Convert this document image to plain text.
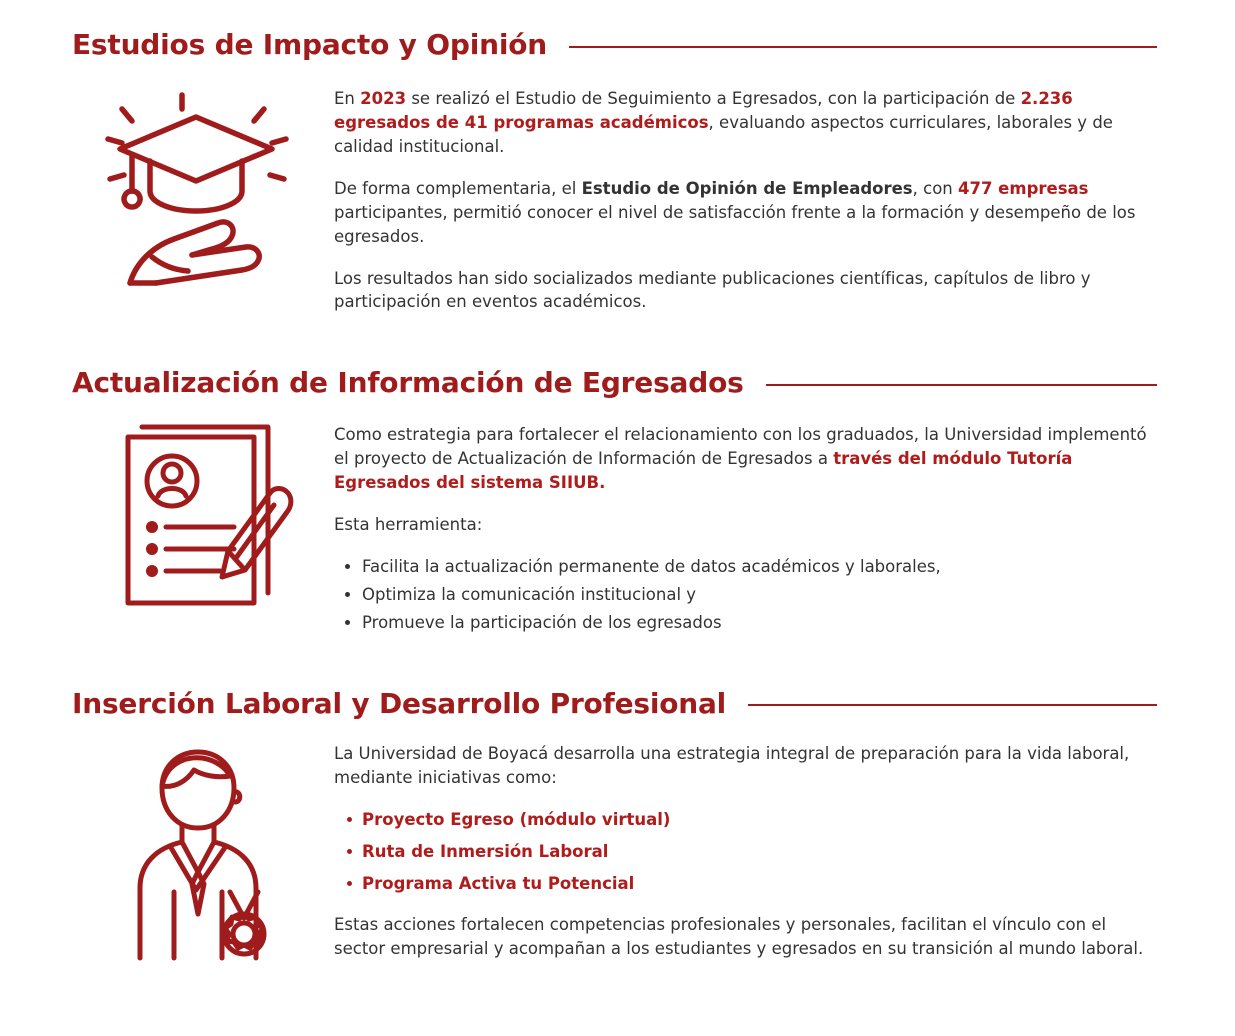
Estudios de Impacto y Opinión

En 2023 se realizó el Estudio de Seguimiento a Egresados, con la participación de 2.236 egresados de 41 programas académicos, evaluando aspectos curriculares, laborales y de calidad institucional.

De forma complementaria, el Estudio de Opinión de Empleadores, con 477 empresas participantes, permitió conocer el nivel de satisfacción frente a la formación y desempeño de los egresados.

Los resultados han sido socializados mediante publicaciones científicas, capítulos de libro y participación en eventos académicos.

Actualización de Información de Egresados

Como estrategia para fortalecer el relacionamiento con los graduados, la Universidad implementó el proyecto de Actualización de Información de Egresados a través del módulo Tutoría Egresados del sistema SIIUB.

Esta herramienta:

• Facilita la actualización permanente de datos académicos y laborales,
• Optimiza la comunicación institucional y
• Promueve la participación de los egresados

Inserción Laboral y Desarrollo Profesional

La Universidad de Boyacá desarrolla una estrategia integral de preparación para la vida laboral, mediante iniciativas como:

Proyecto Egreso (módulo virtual)
Ruta de Inmersión Laboral
Programa Activa tu Potencial

Estas acciones fortalecen competencias profesionales y personales, facilitan el vínculo con el sector empresarial y acompañan a los estudiantes y egresados en su transición al mundo laboral.
